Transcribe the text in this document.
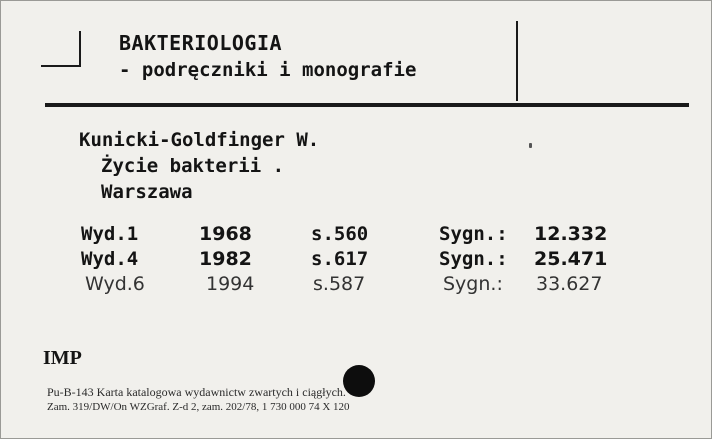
BAKTERIOLOGIA
- podręczniki i monografie
Kunicki-Goldfinger W.
Życie bakterii .
Warszawa
Wyd.1	1968	s.560	Sygn.: 12.332
Wyd.4	1982	s.617	Sygn.: 25.471
Wyd.6	1994	s.587	Sygn.: 33.627
IMP
Pu-B-143 Karta katalogowa wydawnictw zwartych i ciągłych.
Zam. 319/DW/On WZGraf. Z-d 2, zam. 202/78, 1 730 000 74 X 120
